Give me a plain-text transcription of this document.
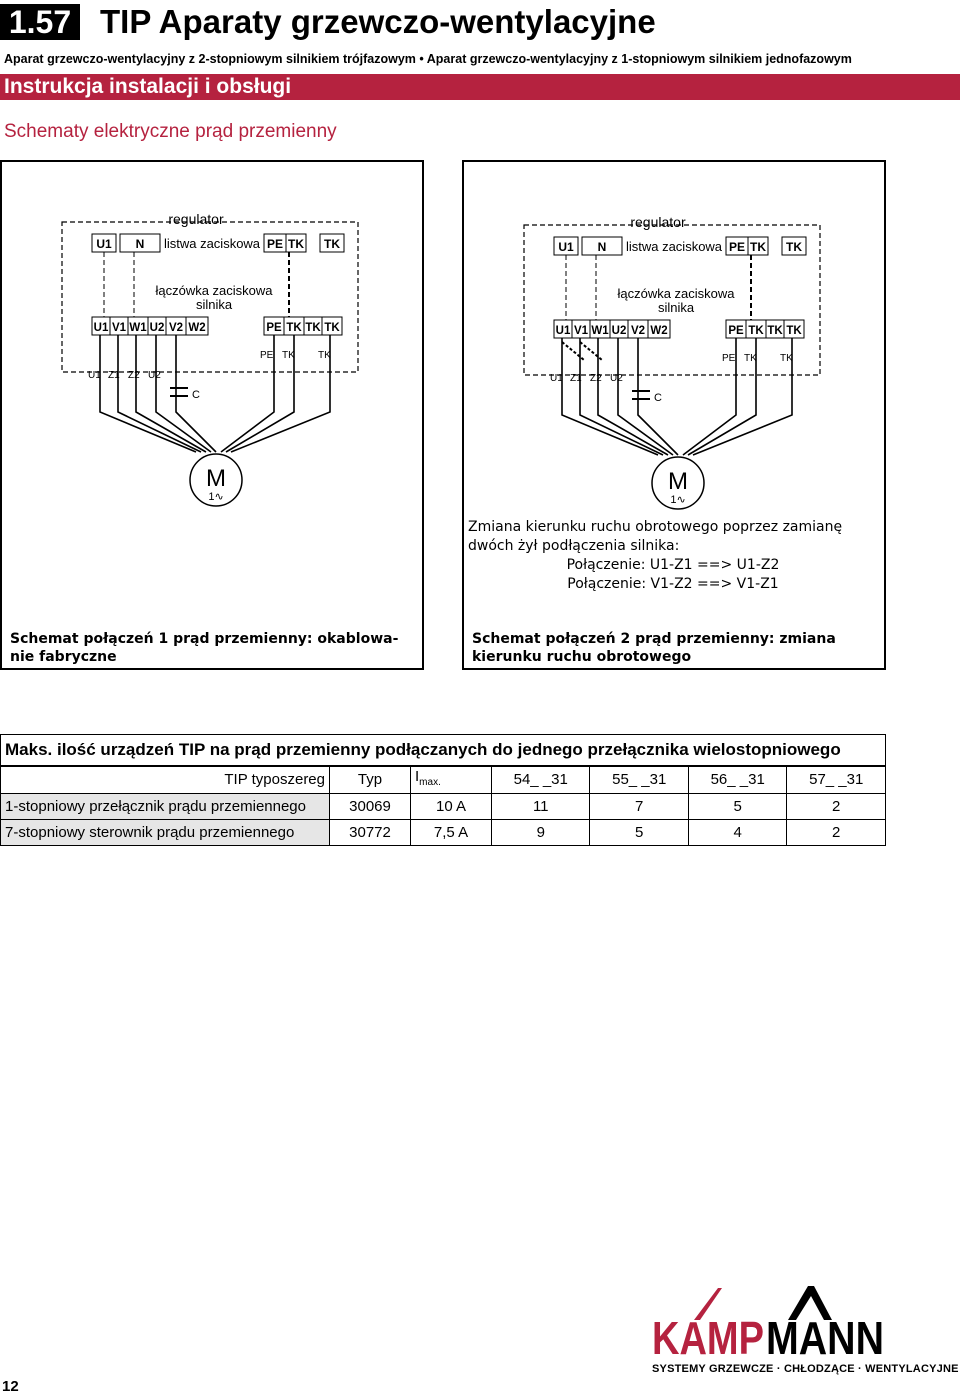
1.57 TIP Aparaty grzewczo-wentylacyjne
Aparat grzewczo-wentylacyjny z 2-stopniowym silnikiem trójfazowym • Aparat grzewczo-wentylacyjny z 1-stopniowym silnikiem jednofazowym
Instrukcja instalacji i obsługi
Schematy elektryczne prąd przemienny
regulator
U1 N	PE TK TK
listwa zaciskowa
łączówka zaciskowa
silnika
U1 V1 W1 U2 V2 W2	PE TK TK TK
PE TK TK
U1 Z1 Z2 U2
C
M
1∿
Schemat połączeń 1 prąd przemienny: okablowa-
nie fabryczne
regulator
U1 N	PE TK TK
listwa zaciskowa
łączówka zaciskowa
silnika
U1 V1 W1 U2 V2 W2	PE TK TK TK
PE TK TK
U1 Z1 Z2 U2
C
M
1∿
Schemat połączeń 2 prąd przemienny: zmiana kierunku ruchu obrotowego
Zmiana kierunku ruchu obrotowego poprzez zamianę
dwóch żył podłączenia silnika:
Połączenie: U1-Z1 ==> U1-Z2
Połączenie: V1-Z2 ==> V1-Z1
Maks. ilość urządzeń TIP na prąd przemienny podłączanych do jednego przełącznika wielostopniowego						
TIP typoszereg	Typ	$I_{max.}$	54_ _31	55_ _31	56_ _31	57_ _31
1-stopniowy przełącznik prądu przemiennego	30069	10 A	11	7	5	2
7-stopniowy sterownik prądu przemiennego	30772	7,5 A	9	5	4	2
12
KAMP MANN
SYSTEMY GRZEWCZE · CHŁODZĄCE · WENTYLACYJNE
